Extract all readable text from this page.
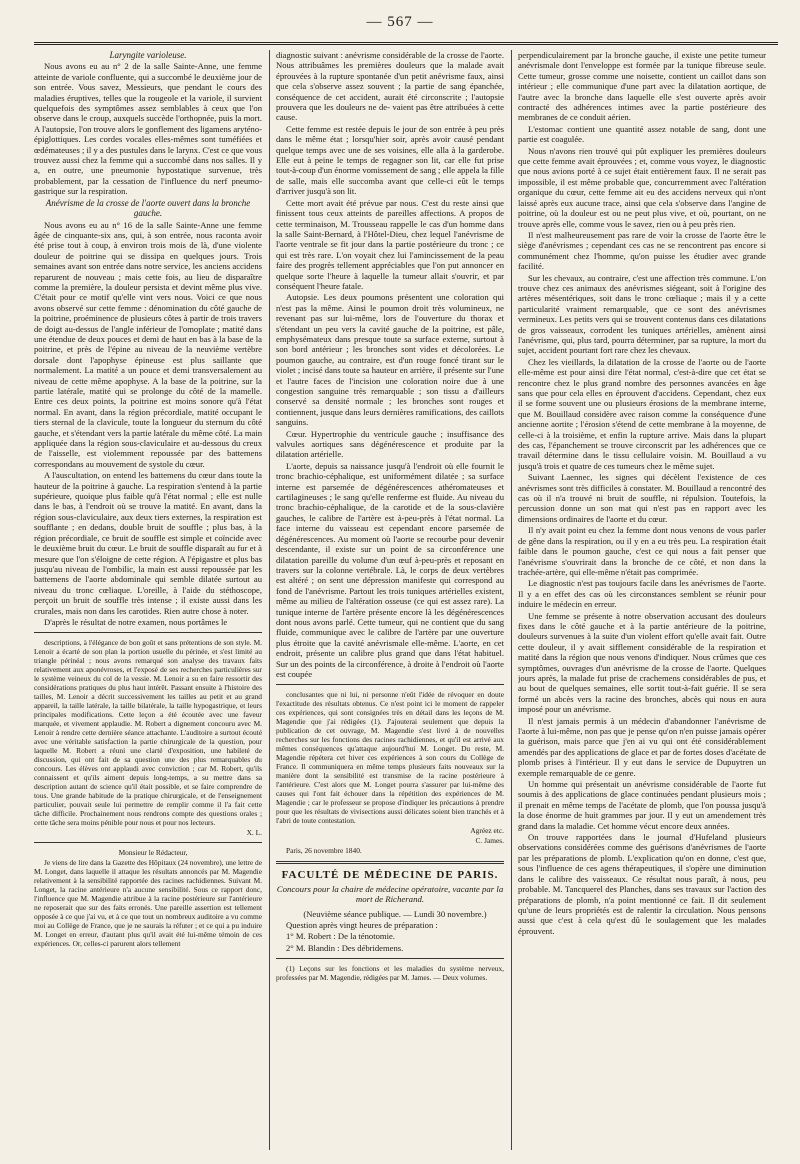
— 567 —

Laryngite varioleuse.

Nous avons eu au n° 2 de la salle Sainte-Anne, une femme atteinte de variole confluente, qui a succombé le deuxième jour de son entrée. Vous savez, Messieurs, que pendant le cours des maladies éruptives, telles que la rougeole et la variole, il survient quelquefois des symptômes assez semblables à ceux que l'on observe dans le croup, auxquels succède l'orthopnée, puis la mort. A l'autopsie, l'on trouve alors le gonflement des ligamens aryténo-épiglottiques. Les cordes vocales elles-mêmes sont tuméfiées et œdémateuses ; il y a des pustules dans le larynx. C'est ce que vous trouvez aussi chez la femme qui a succombé dans nos salles. Il y a, en outre, une pneumonie hypostatique survenue, très probablement, par la cessation de l'influence du nerf pneumo-gastrique sur la respiration.

Anévrisme de la crosse de l'aorte ouvert dans la bronche gauche.

Nous avons eu au n° 16 de la salle Sainte-Anne une femme âgée de cinquante-six ans, qui, à son entrée, nous raconta avoir été prise tout à coup, à environ trois mois de là, d'une violente douleur de poitrine qui se dissipa en quelques jours. Trois semaines avant son entrée dans notre service, les anciens accidens reparurent de nouveau ; mais cette fois, au lieu de disparaître comme la première, la douleur persista et devint même plus vive. C'était pour ce motif qu'elle vint vers nous. Voici ce que nous avons observé sur cette femme : dénomination du côté gauche de la poitrine, proéminence de plusieurs côtes à partir de trois travers de doigt au-dessus de l'angle inférieur de l'omoplate ; matité dans une étendue de deux pouces et demi de haut en bas à la base de la poitrine, et près de l'épine au niveau de la neuvième vertèbre dorsale dont l'apophyse épineuse est plus saillante que normalement. La matité a un pouce et demi transversalement au niveau de cette même apophyse. A la base de la poitrine, sur la partie latérale, matité qui se prolonge du côté de la mamelle. Entre ces deux points, la poitrine est moins sonore qu'à l'état normal. En avant, dans la région précordiale, matité occupant le tiers sternal de la clavicule, toute la longueur du sternum du côté gauche, et s'étendant vers la partie latérale du même côté. La main appliquée dans la région sous-claviculaire et au-dessous du creux de l'aisselle, est violemment repoussée par des battemens correspondans au mouvement de systole du cœur.

A l'auscultation, on entend les battemens du cœur dans toute la hauteur de la poitrine à gauche. La respiration s'entend à la partie supérieure, quoique plus faible qu'à l'état normal ; elle est nulle dans le bas, à l'endroit où se trouve la matité. En avant, dans la région sous-claviculaire, aux deux tiers externes, la respiration est soufflante ; en dedans, double bruit de souffle ; plus bas, à la région précordiale, ce bruit de souffle est simple et coïncide avec le deuxième bruit du cœur. Le bruit de souffle disparaît au fur et à mesure que l'on s'éloigne de cette région. A l'épigastre et plus bas jusqu'au niveau de l'ombilic, la main est aussi repoussée par les battemens de l'aorte abdominale qui semble dilatée surtout au niveau du tronc cœliaque. L'oreille, à l'aide du stéthoscope, perçoit un bruit de souffle très intense ; il existe aussi dans les crurales, mais non dans les carotides. Rien autre chose à noter.

D'après le résultat de notre examen, nous portâmes le

descriptions, à l'élégance de bon goût et sans prétentions de son style. M. Lenoir a écarté de son plan la portion usuelle du périnée, et s'est limité au triangle périnéal ; nous avons remarqué son analyse des travaux faits relativement aux aponévroses, et l'exposé de ses recherches particulières sur le système veineux du col de la vessie. M. Lenoir a su en faire ressortir des considérations pratiques du plus haut intérêt. Passant ensuite à l'histoire des tailles, M. Lenoir a décrit successivement les tailles au petit et au grand appareil, la taille latérale, la taille bilatérale, la taille hypogastrique, et leurs principales modifications. Cette leçon a été écoutée avec une faveur marquée, et vivement applaudie. M. Robert a dignement concouru avec M. Lenoir à rendre cette dernière séance attachante. L'auditoire a surtout écouté avec une véritable satisfaction la partie chirurgicale de la question, pour laquelle M. Robert a réuni une clarté d'exposition, une habileté de discussion, qui ont fait de sa question une des plus remarquables du concours. Les élèves ont applaudi avec conviction ; car M. Robert, qu'ils connaissent et qu'ils aiment depuis long-temps, a su mettre dans sa description autant de science qu'il était possible, et se faire comprendre de tous. Une grande habitude de la pratique chirurgicale, et de l'enseignement particulier, pouvait seule lui permettre de remplir comme il l'a fait cette tâche difficile. Prochainement nous rendrons compte des questions orales ; cette tâche sera moins pénible pour nous et pour nos lecteurs.

X. L.

Monsieur le Rédacteur,

Je viens de lire dans la Gazette des Hôpitaux (24 novembre), une lettre de M. Longet, dans laquelle il attaque les résultats annoncés par M. Magendie relativement à la sensibilité rapportée des racines rachidiennes. Suivant M. Longet, la racine antérieure n'a aucune sensibilité. Sous ce rapport donc, l'influence que M. Magendie attribue à la racine postérieure sur l'antérieure ne reposerait que sur des faits erronés. Une pareille assertion est tellement opposée à ce que j'ai vu, et à ce que tout un nombreux auditoire a vu comme moi au Collège de France, que je ne saurais la réfuter ; et ce qui a pu induire M. Longet en erreur, d'autant plus qu'il avait été lui-même témoin de ces expériences. Or, celles-ci parurent alors tellement

diagnostic suivant : anévrisme considérable de la crosse de l'aorte. Nous attribuâmes les premières douleurs que la malade avait éprouvées à la rupture spontanée d'un petit anévrisme faux, ainsi que cela s'observe assez souvent ; la partie de sang épanchée, conséquence de cet accident, aurait été circonscrite ; l'autopsie prouvera que les douleurs ne de- vaient pas être attribuées à cette cause.

Cette femme est restée depuis le jour de son entrée à peu près dans le même état ; lorsqu'hier soir, après avoir causé pendant quelque temps avec une de ses voisines, elle alla à la garderobe. Elle eut à peine le temps de regagner son lit, car elle fut prise tout-à-coup d'un énorme vomissement de sang ; elle appela la fille de salle, mais elle succomba avant que celle-ci eût le temps d'arriver jusqu'à son lit.

Cette mort avait été prévue par nous. C'est du reste ainsi que finissent tous ceux atteints de pareilles affections. A propos de cette terminaison, M. Trousseau rappelle le cas d'un homme dans la salle Saint-Bernard, à l'Hôtel-Dieu, chez lequel l'anévrisme de l'aorte ventrale se fit jour dans la partie postérieure du tronc ; ce qui est très rare. L'on voyait chez lui l'amincissement de la peau faire des progrès tellement appréciables que l'on put annoncer en quelque sorte l'heure à laquelle la tumeur allait s'ouvrir, et par conséquent l'heure fatale.

Autopsie. Les deux poumons présentent une coloration qui n'est pas la même. Ainsi le poumon droit très volumineux, ne revenant pas sur lui-même, lors de l'ouverture du thorax et s'étendant un peu vers la cavité gauche de la poitrine, est pâle, emphysémateux dans presque toute sa surface externe, surtout à son bord antérieur ; les bronches sont vides et décolorées. Le poumon gauche, au contraire, est d'un rouge foncé tirant sur le violet ; incisé dans toute sa hauteur en arrière, il présente sur l'une et l'autre faces de l'incision une coloration noire due à une congestion sanguine très remarquable ; son tissu a d'ailleurs conservé sa densité normale ; les bronches sont rouges et contiennent, jusque dans leurs dernières ramifications, des caillots sanguins.

Cœur. Hypertrophie du ventricule gauche ; insuffisance des valvules aortiques sans dégénérescence et produite par la dilatation artérielle.

L'aorte, depuis sa naissance jusqu'à l'endroit où elle fournit le tronc brachio-céphalique, est uniformément dilatée ; sa surface interne est parsemée de dégénérescences athéromateuses et cartilagineuses ; le sang qu'elle renferme est fluide. Au niveau du tronc brachio-céphalique, de la carotide et de la sous-clavière gauches, le calibre de l'artère est à-peu-près à l'état normal. La face interne du vaisseau est cependant encore parsemée de dégénérescences. Au moment où l'aorte se recourbe pour devenir descendante, il existe sur un point de sa circonférence une dilatation pareille du volume d'un œuf à-peu-près et reposant en travers sur la colonne vertébrale. Là, le corps de deux vertèbres est altéré ; on sent une dépression manifeste qui correspond au fond de l'anévrisme. Partout les trois tuniques artérielles existent, même au milieu de l'altération osseuse (ce qui est assez rare). La tunique interne de l'artère présente encore là les dégénérescences dont nous avons parlé. Cette tumeur, qui ne contient que du sang fluide, communique avec le calibre de l'artère par une ouverture plus étroite que la cavité anévrismale elle-même. L'aorte, en cet endroit, présente un calibre plus grand que dans l'état habituel. Sur un des points de la circonférence, à droite à l'endroit où l'aorte est coupée

conclusantes que ni lui, ni personne n'eût l'idée de révoquer en doute l'exactitude des résultats obtenus. Ce n'est point ici le moment de rappeler ces expériences, qui sont consignées très en détail dans les leçons de M. Magendie que j'ai rédigées (1). J'ajouterai seulement que depuis la publication de cet ouvrage, M. Magendie s'est livré à de nouvelles recherches sur les fonctions des racines rachidiennes, et qu'il est arrivé aux mêmes conséquences qu'attaque aujourd'hui M. Longet. Du reste, M. Magendie répétera cet hiver ces expériences à son cours du Collège de France. Il communiquera en même temps plusieurs faits nouveaux sur la manière dont la sensibilité est transmise de la racine postérieure à l'antérieure. C'est alors que M. Longet pourra s'assurer par lui-même des causes qui l'ont fait échouer dans la répétition des expériences de M. Magendie ; car le professeur se propose d'indiquer les précautions à prendre pour que les résultats de vivisections aussi délicates soient bien tranchés et à l'abri de toute contestation.

Agréez etc.

C. James.

Paris, 26 novembre 1840.

FACULTÉ DE MÉDECINE DE PARIS.
Concours pour la chaire de médecine opératoire, vacante par la mort de Richerand.

(Neuvième séance publique. — Lundi 30 novembre.)

Question après vingt heures de préparation :

1° M. Robert : De la ténotomie.

2° M. Blandin : Des débridemens.

(1) Leçons sur les fonctions et les maladies du système nerveux, professées par M. Magendie, rédigées par M. James. — Deux volumes.

perpendiculairement par la bronche gauche, il existe une petite tumeur anévrismale dont l'enveloppe est formée par la tunique fibreuse seule. Cette tumeur, grosse comme une noisette, contient un caillot dans son intérieur ; elle communique d'une part avec la dilatation aortique, de l'autre avec la bronche dans laquelle elle s'est ouverte après avoir contracté des adhérences intimes avec la partie postérieure des membranes de ce conduit aérien.

L'estomac contient une quantité assez notable de sang, dont une partie est coagulée.

Nous n'avons rien trouvé qui pût expliquer les premières douleurs que cette femme avait éprouvées ; et, comme vous voyez, le diagnostic que nous avions porté à ce sujet était entièrement faux. Il ne serait pas impossible, il est même probable que, concurremment avec l'altération organique du cœur, cette femme ait eu des accidens nerveux qui n'ont laissé après eux aucune trace, ainsi que cela s'observe dans l'angine de poitrine, où la douleur est ou ne peut plus vive, et où, pourtant, on ne trouve après elle, comme vous le savez, rien ou à peu près rien.

Il n'est malheureusement pas rare de voir la crosse de l'aorte être le siège d'anévrismes ; cependant ces cas ne se rencontrent pas encore si communément chez l'homme, qu'on puisse les étudier avec grande facilité.

Sur les chevaux, au contraire, c'est une affection très commune. L'on trouve chez ces animaux des anévrismes siégeant, soit à l'origine des artères mésentériques, soit dans le tronc cœliaque ; mais il y a cette particularité vraiment remarquable, que ce sont des anévrismes vermineux. Les petits vers qui se trouvent contenus dans ces dilatations de gros vaisseaux, corrodent les tuniques artérielles, amènent ainsi l'anévrisme, qui, plus tard, pourra déterminer, par sa rupture, la mort du sujet, accident pourtant fort rare chez les chevaux.

Chez les vieillards, la dilatation de la crosse de l'aorte ou de l'aorte elle-même est pour ainsi dire l'état normal, c'est-à-dire que cet état se rencontre chez le plus grand nombre des personnes avancées en âge sans que pour cela elles en éprouvent d'accidens. Cependant, chez eux il se forme souvent une ou plusieurs érosions de la membrane interne, que M. Bouillaud considère avec raison comme la conséquence d'une ancienne aortite ; l'érosion s'étend de cette membrane à la moyenne, de celle-ci à la troisième, et enfin la rupture arrive. Mais dans la plupart des cas, l'épanchement se trouve circonscrit par les adhérences que ce travail détermine dans le tissu cellulaire voisin. M. Bouillaud a vu jusqu'à trois et quatre de ces tumeurs chez le même sujet.

Suivant Laennec, les signes qui décèlent l'existence de ces anévrismes sont très difficiles à constater. M. Bouillaud a rencontré des cas où il n'a trouvé ni bruit de souffle, ni répulsion. Toutefois, la percussion donne un son mat qui n'est pas en rapport avec les dimensions ordinaires de l'aorte et du cœur.

Il n'y avait point eu chez la femme dont nous venons de vous parler de gêne dans la respiration, ou il y en a eu très peu. La respiration était faible dans le poumon gauche, c'est ce qui nous a fait penser que l'anévrisme s'ouvrirait dans la bronche de ce côté, et non dans la trachée-artère, qui elle-même n'était pas comprimée.

Le diagnostic n'est pas toujours facile dans les anévrismes de l'aorte. Il y a en effet des cas où les circonstances semblent se réunir pour induire le médecin en erreur.

Une femme se présente à notre observation accusant des douleurs fixes dans le côté gauche et à la partie antérieure de la poitrine, douleurs survenues à la suite d'un violent effort qu'elle avait fait. Outre cette douleur, il y avait sifflement considérable de la respiration et matité dans la région que nous venons d'indiquer. Nous crûmes que ces symptômes, ouvrages d'un anévrisme de la crosse de l'aorte. Quelques jours après, la malade fut prise de crachemens considérables de pus, et au bout de quelques semaines, elle sortit tout-à-fait guérie. Il se sera formé un abcès vers la racine des bronches, abcès qui nous en aura imposé pour un anévrisme.

Il n'est jamais permis à un médecin d'abandonner l'anévrisme de l'aorte à lui-même, non pas que je pense qu'on n'en puisse jamais opérer la guérison, mais parce que j'en ai vu qui ont été considérablement amendés par des applications de glace et par de fortes doses d'acétate de plomb prises à l'intérieur. Il y eut dans le service de Dupuytren un exemple remarquable de ce genre.

Un homme qui présentait un anévrisme considérable de l'aorte fut soumis à des applications de glace continuées pendant plusieurs mois ; il prenait en même temps de l'acétate de plomb, que l'on poussa jusqu'à la dose énorme de huit grammes par jour. Il y eut un amendement très grand dans la maladie. Cet homme vécut encore deux années.

On trouve rapportées dans le journal d'Hufeland plusieurs observations considérées comme des guérisons d'anévrismes de l'aorte par les préparations de plomb. L'explication qu'on en donne, c'est que, sous l'influence de ces agens thérapeutiques, il s'opère une diminution dans le calibre des vaisseaux. Ce résultat nous paraît, à nous, peu probable. M. Tancquerel des Planches, dans ses travaux sur l'action des préparations de plomb, n'a point mentionné ce fait. Il dit seulement qu'une de leurs propriétés est de ralentir la circulation. Nous pensons aussi que c'est à cela qu'est dû le soulagement que les malades éprouvent.
